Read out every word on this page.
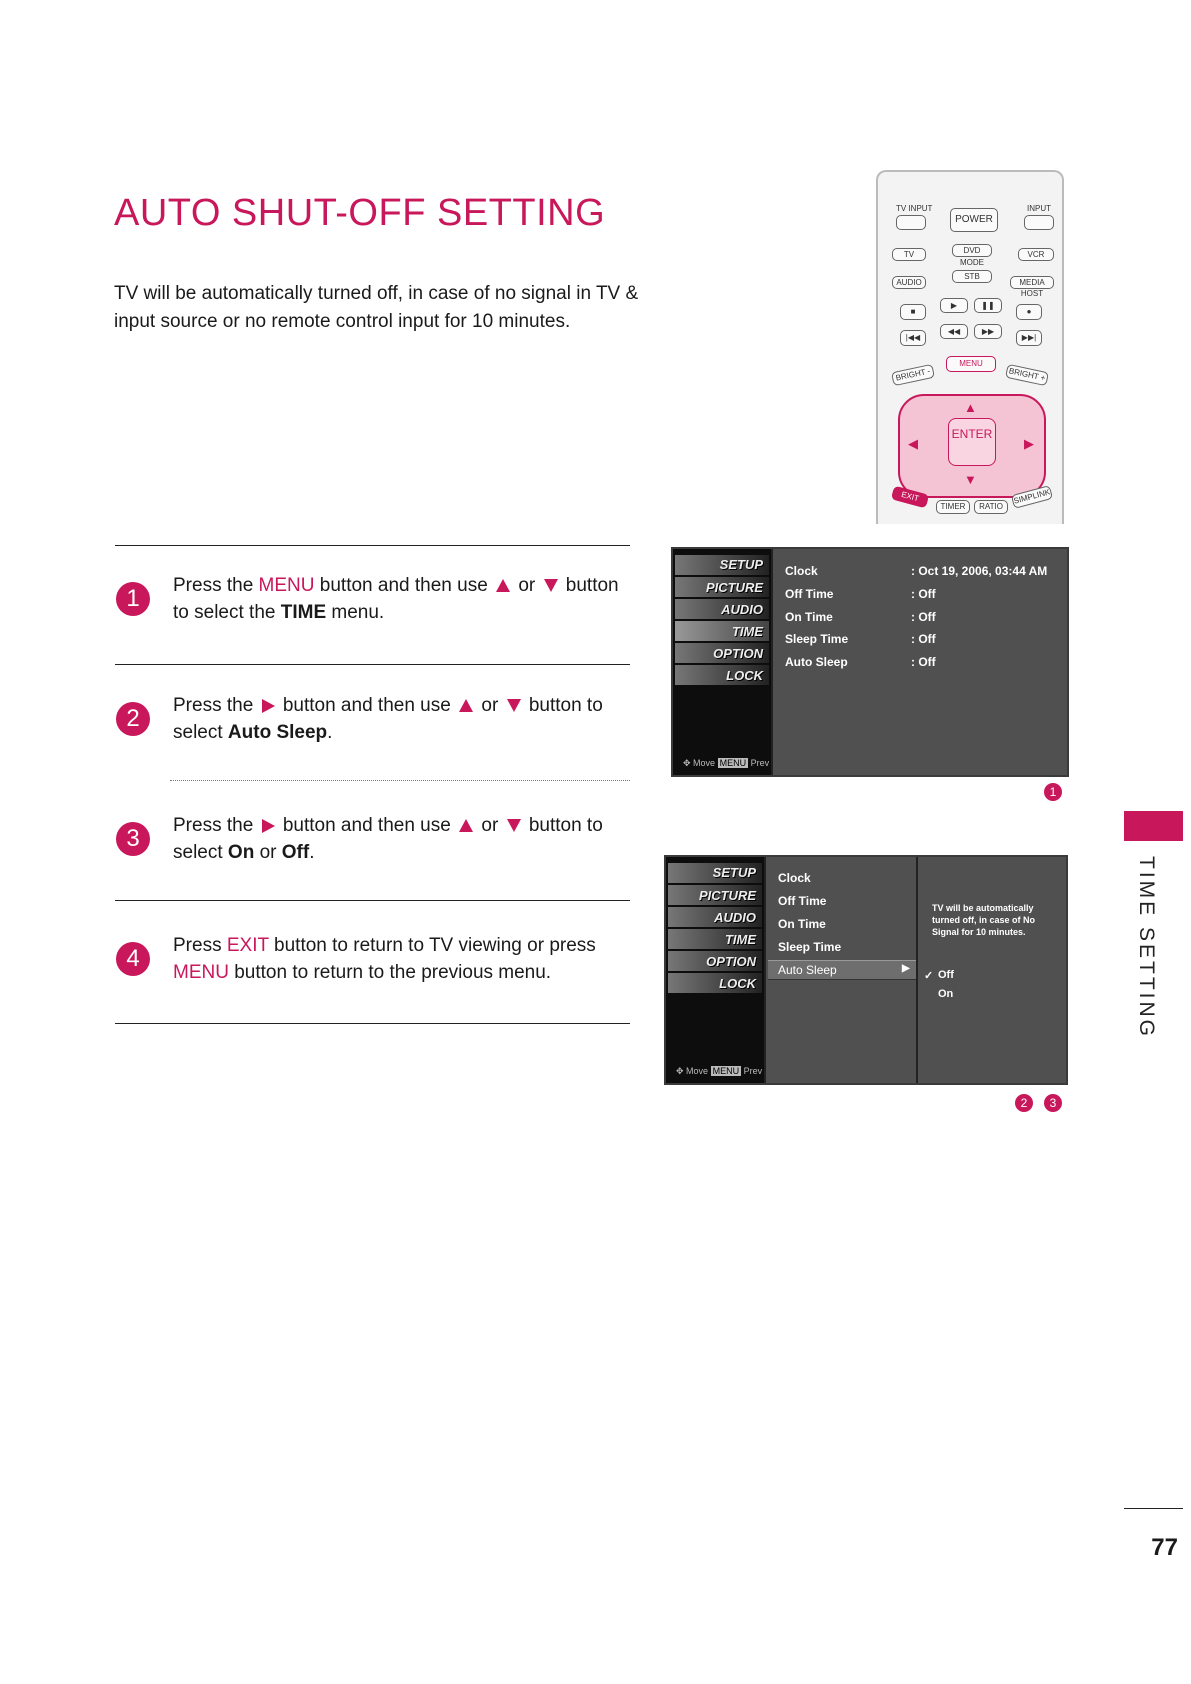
AUTO SHUT-OFF SETTING
TV will be automatically turned off, in case of no signal in TV & input source or no remote control input for 10 minutes.
1	Press the MENU button and then use  or  button to select the TIME menu.
2	Press the  button and then use  or  button to select Auto Sleep.
3	Press the  button and then use  or  button to select On or Off.
4	Press EXIT button to return to TV viewing or press MENU button to return to the previous menu.
TV INPUT	INPUT
POWER
TV	DVD	VCR
MODE
AUDIO
STB
MEDIA HOST
■
▶	❚❚
●
|◀◀
◀◀	▶▶
▶▶|
BRIGHT -
MENU
BRIGHT +
▲
▼
◀	▶
ENTER
EXIT
TIMER	RATIO
SIMPLINK
SETUP
PICTURE
AUDIO
TIME
OPTION
LOCK
✥ Move MENU Prev
Clock	: Oct 19, 2006, 03:44 AM
Off Time	: Off
On Time	: Off
Sleep Time	: Off
Auto Sleep	: Off
1
SETUP
PICTURE
AUDIO
TIME
OPTION
LOCK
✥ Move MENU Prev
Clock
Off Time
On Time
Sleep Time
Auto Sleep	▶
TV will be automatically turned off, in case of No Signal for 10 minutes.
✓ Off
On
2	3
TIME SETTING
77
